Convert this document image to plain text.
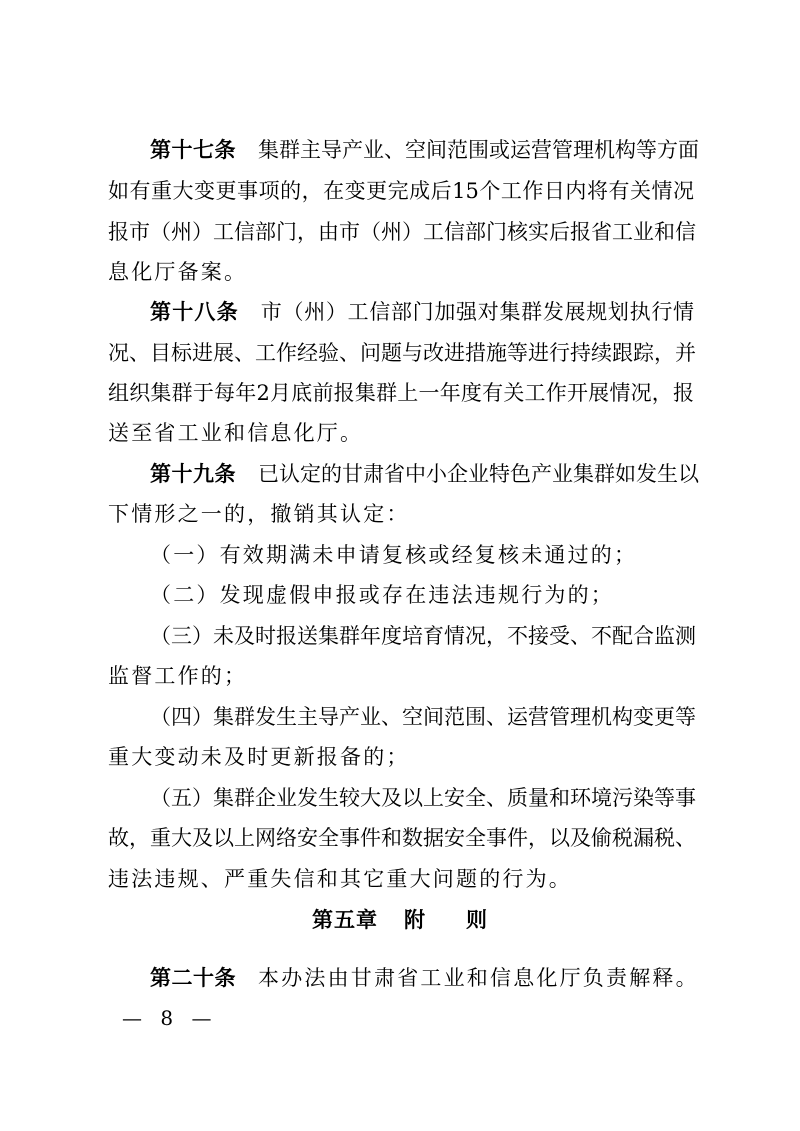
第十七条 集群主导产业、空间范围或运营管理机构等方面
如有重大变更事项的，在变更完成后15个工作日内将有关情况
报市（州）工信部门，由市（州）工信部门核实后报省工业和信
息化厅备案。
第十八条 市（州）工信部门加强对集群发展规划执行情
况、目标进展、工作经验、问题与改进措施等进行持续跟踪，并
组织集群于每年2月底前报集群上一年度有关工作开展情况，报
送至省工业和信息化厅。
第十九条 已认定的甘肃省中小企业特色产业集群如发生以
下情形之一的，撤销其认定：
（一）有效期满未申请复核或经复核未通过的；
（二）发现虚假申报或存在违法违规行为的；
（三）未及时报送集群年度培育情况，不接受、不配合监测
监督工作的；
（四）集群发生主导产业、空间范围、运营管理机构变更等
重大变动未及时更新报备的；
（五）集群企业发生较大及以上安全、质量和环境污染等事
故，重大及以上网络安全事件和数据安全事件，以及偷税漏税、
违法违规、严重失信和其它重大问题的行为。
第五章 附 则
第二十条 本办法由甘肃省工业和信息化厅负责解释。
— 8 —
